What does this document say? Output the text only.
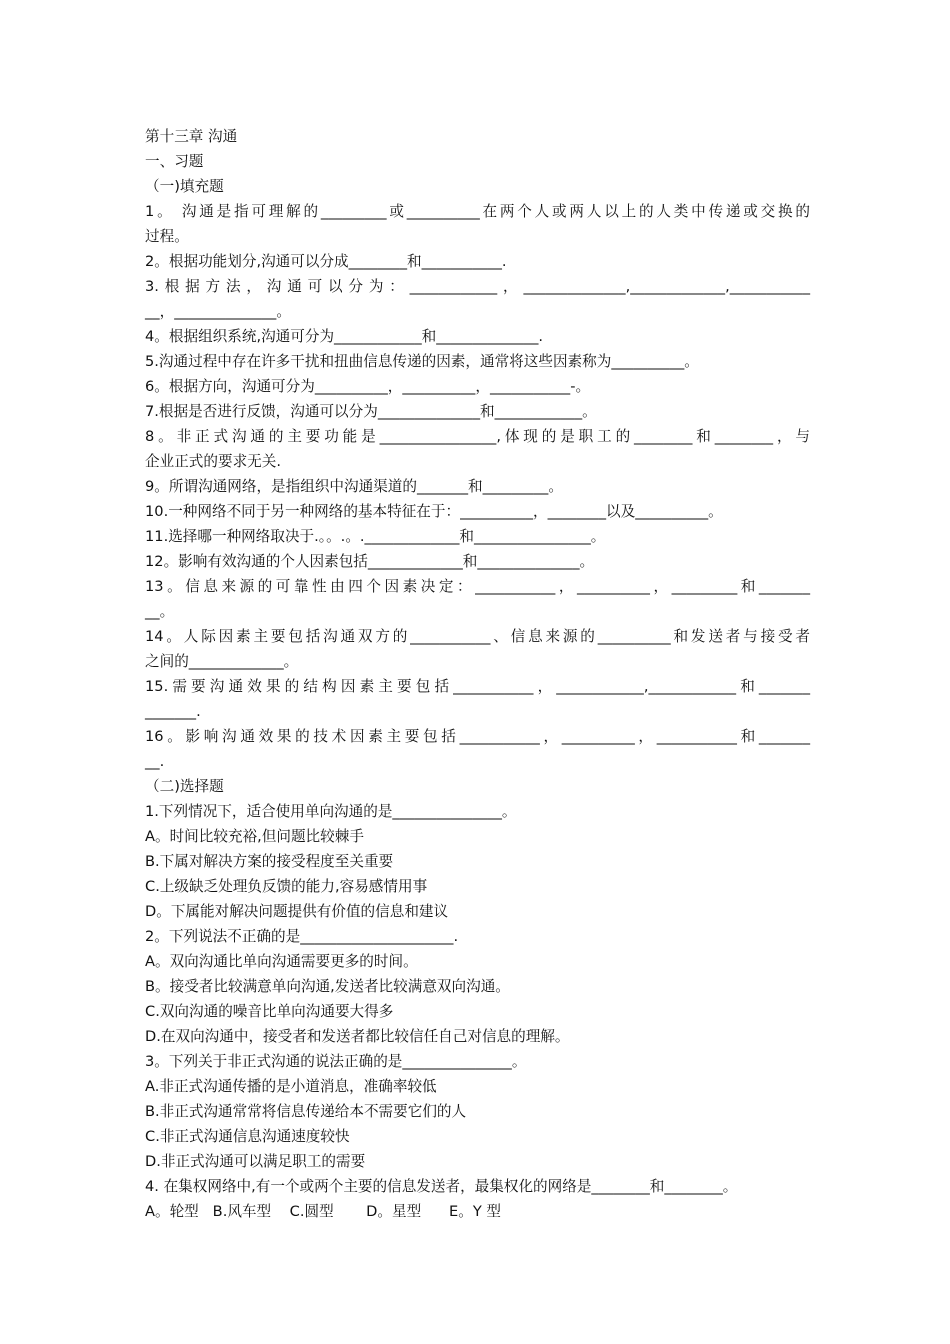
第十三章 沟通
一、习题
（一)填充题
1。 沟通是指可理解的_________或__________在两个人或两人以上的人类中传递或交换的
过程。
2。根据功能划分,沟通可以分成________和___________.
3.根据方法，沟通可以分为：____________，______________,_____________,___________
__，______________。
4。根据组织系统,沟通可分为____________和______________.
5.沟通过程中存在许多干扰和扭曲信息传递的因素，通常将这些因素称为__________。
6。根据方向，沟通可分为__________，__________，___________-。
7.根据是否进行反馈，沟通可以分为______________和____________。
8。非正式沟通的主要功能是________________,体现的是职工的________和________，与
企业正式的要求无关.
9。所谓沟通网络，是指组织中沟通渠道的_______和_________。
10.一种网络不同于另一种网络的基本特征在于：__________，________以及__________。
11.选择哪一种网络取决于.。。.。._____________和________________。
12。影响有效沟通的个人因素包括_____________和______________。
13。信息来源的可靠性由四个因素决定：___________，__________，_________和_______
__。
14。人际因素主要包括沟通双方的___________、信息来源的__________和发送者与接受者
之间的_____________。
15.需要沟通效果的结构因素主要包括___________，____________,____________和_______
_______.
16。影响沟通效果的技术因素主要包括___________，__________，___________和_______
__.
（二)选择题
1.下列情况下，适合使用单向沟通的是_______________。
A。时间比较充裕,但问题比较棘手
B.下属对解决方案的接受程度至关重要
C.上级缺乏处理负反馈的能力,容易感情用事
D。下属能对解决问题提供有价值的信息和建议
2。下列说法不正确的是_____________________.
A。双向沟通比单向沟通需要更多的时间。
B。接受者比较满意单向沟通,发送者比较满意双向沟通。
C.双向沟通的噪音比单向沟通要大得多
D.在双向沟通中，接受者和发送者都比较信任自己对信息的理解。
3。下列关于非正式沟通的说法正确的是_______________。
A.非正式沟通传播的是小道消息，准确率较低
B.非正式沟通常常将信息传递给本不需要它们的人
C.非正式沟通信息沟通速度较快
D.非正式沟通可以满足职工的需要
4. 在集权网络中,有一个或两个主要的信息发送者，最集权化的网络是________和________。
A。轮型   B.风车型    C.圆型       D。星型      E。Y 型
